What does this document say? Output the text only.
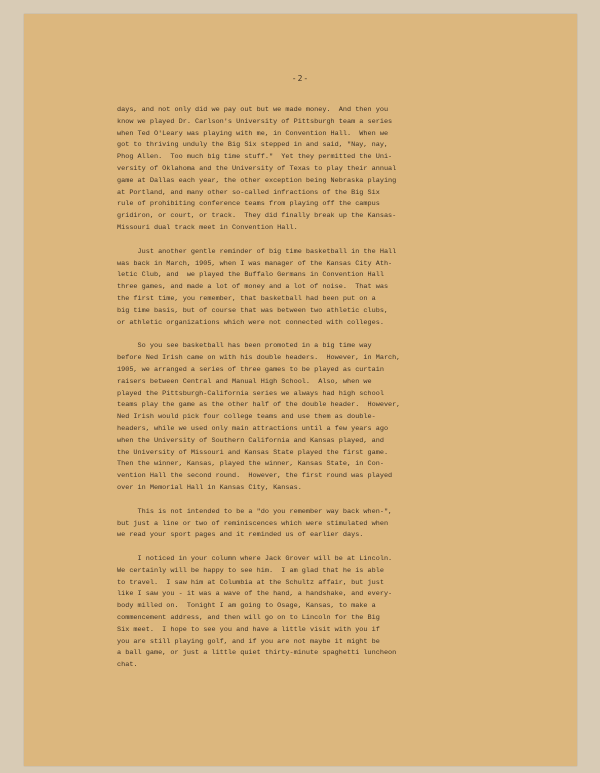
-2-
days, and not only did we pay out but we made money.  And then you
know we played Dr. Carlson's University of Pittsburgh team a series
when Ted O'Leary was playing with me, in Convention Hall.  When we
got to thriving unduly the Big Six stepped in and said, "Nay, nay,
Phog Allen.  Too much big time stuff."  Yet they permitted the Uni-
versity of Oklahoma and the University of Texas to play their annual
game at Dallas each year, the other exception being Nebraska playing
at Portland, and many other so-called infractions of the Big Six
rule of prohibiting conference teams from playing off the campus
gridiron, or court, or track.  They did finally break up the Kansas-
Missouri dual track meet in Convention Hall.
Just another gentle reminder of big time basketball in the Hall
was back in March, 1905, when I was manager of the Kansas City Ath-
letic Club, and  we played the Buffalo Germans in Convention Hall
three games, and made a lot of money and a lot of noise.  That was
the first time, you remember, that basketball had been put on a
big time basis, but of course that was between two athletic clubs,
or athletic organizations which were not connected with colleges.
So you see basketball has been promoted in a big time way
before Ned Irish came on with his double headers.  However, in March,
1905, we arranged a series of three games to be played as curtain
raisers between Central and Manual High School.  Also, when we
played the Pittsburgh-California series we always had high school
teams play the game as the other half of the double header.  However,
Ned Irish would pick four college teams and use them as double-
headers, while we used only main attractions until a few years ago
when the University of Southern California and Kansas played, and
the University of Missouri and Kansas State played the first game.
Then the winner, Kansas, played the winner, Kansas State, in Con-
vention Hall the second round.  However, the first round was played
over in Memorial Hall in Kansas City, Kansas.
This is not intended to be a "do you remember way back when-",
but just a line or two of reminiscences which were stimulated when
we read your sport pages and it reminded us of earlier days.
I noticed in your column where Jack Grover will be at Lincoln.
We certainly will be happy to see him.  I am glad that he is able
to travel.  I saw him at Columbia at the Schultz affair, but just
like I saw you - it was a wave of the hand, a handshake, and every-
body milled on.  Tonight I am going to Osage, Kansas, to make a
commencement address, and then will go on to Lincoln for the Big
Six meet.  I hope to see you and have a little visit with you if
you are still playing golf, and if you are not maybe it might be
a ball game, or just a little quiet thirty-minute spaghetti luncheon
chat.
